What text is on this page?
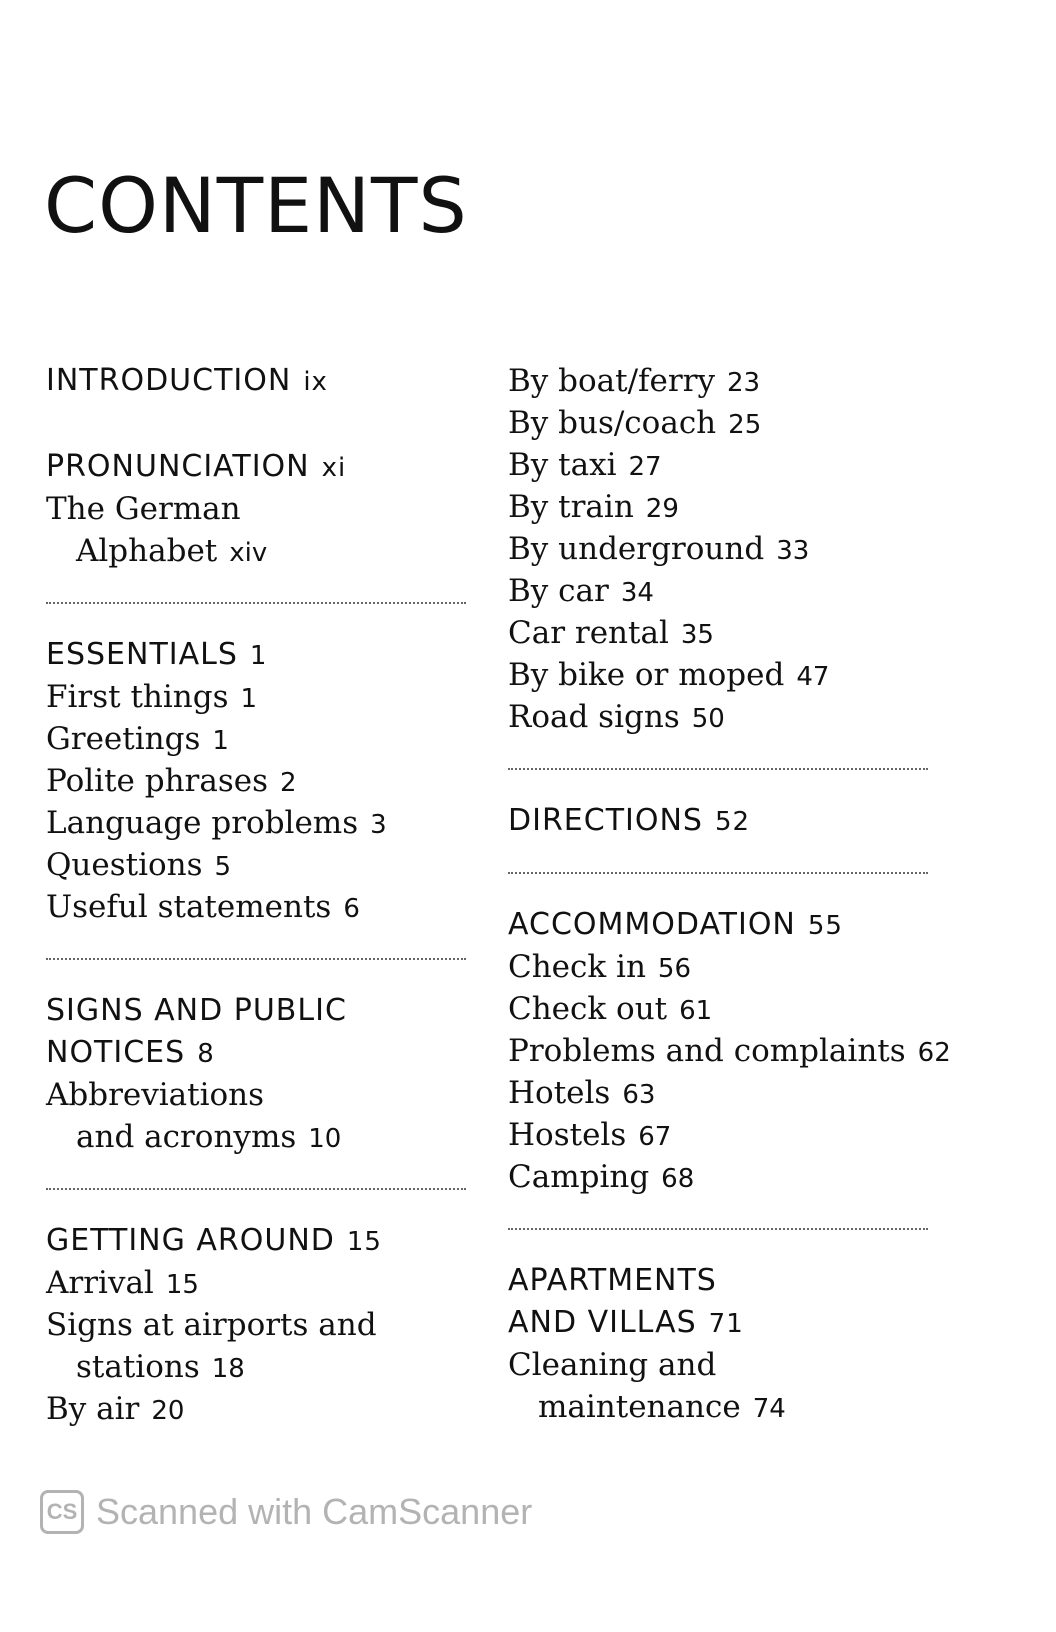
CONTENTS
INTRODUCTION ix
PRONUNCIATION xi
The German
Alphabet xiv
ESSENTIALS 1
First things 1
Greetings 1
Polite phrases 2
Language problems 3
Questions 5
Useful statements 6
SIGNS AND PUBLIC
NOTICES 8
Abbreviations
and acronyms 10
GETTING AROUND 15
Arrival 15
Signs at airports and
stations 18
By air 20
By boat/ferry 23
By bus/coach 25
By taxi 27
By train 29
By underground 33
By car 34
Car rental 35
By bike or moped 47
Road signs 50
DIRECTIONS 52
ACCOMMODATION 55
Check in 56
Check out 61
Problems and complaints 62
Hotels 63
Hostels 67
Camping 68
APARTMENTS
AND VILLAS 71
Cleaning and
maintenance 74
CS Scanned with CamScanner
